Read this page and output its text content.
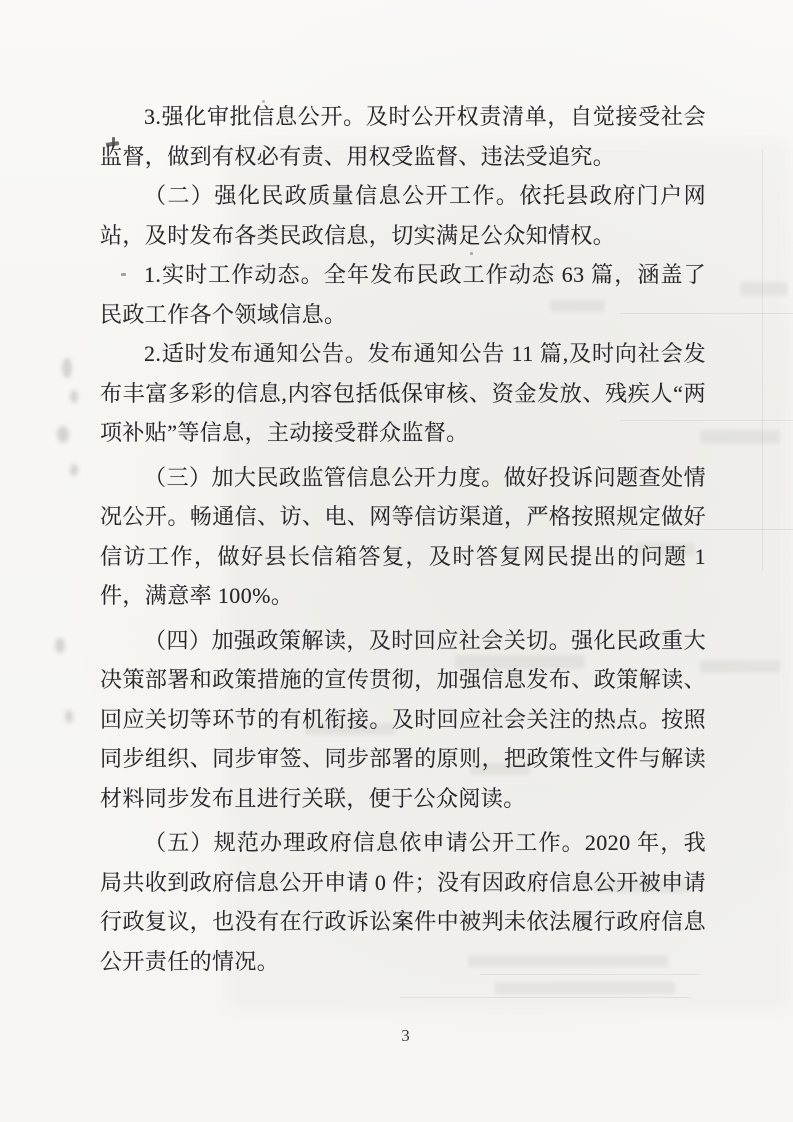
3.强化审批信息公开。及时公开权责清单，自觉接受社会监督，做到有权必有责、用权受监督、违法受追究。

（二）强化民政质量信息公开工作。依托县政府门户网站，及时发布各类民政信息，切实满足公众知情权。

1.实时工作动态。全年发布民政工作动态 63 篇，涵盖了民政工作各个领域信息。

2.适时发布通知公告。发布通知公告 11 篇,及时向社会发布丰富多彩的信息,内容包括低保审核、资金发放、残疾人“两项补贴”等信息，主动接受群众监督。

（三）加大民政监管信息公开力度。做好投诉问题查处情况公开。畅通信、访、电、网等信访渠道，严格按照规定做好信访工作，做好县长信箱答复，及时答复网民提出的问题 1 件，满意率 100%。

（四）加强政策解读，及时回应社会关切。强化民政重大决策部署和政策措施的宣传贯彻，加强信息发布、政策解读、回应关切等环节的有机衔接。及时回应社会关注的热点。按照同步组织、同步审签、同步部署的原则，把政策性文件与解读材料同步发布且进行关联，便于公众阅读。

（五）规范办理政府信息依申请公开工作。2020 年，我局共收到政府信息公开申请 0 件；没有因政府信息公开被申请行政复议，也没有在行政诉讼案件中被判未依法履行政府信息公开责任的情况。

3
